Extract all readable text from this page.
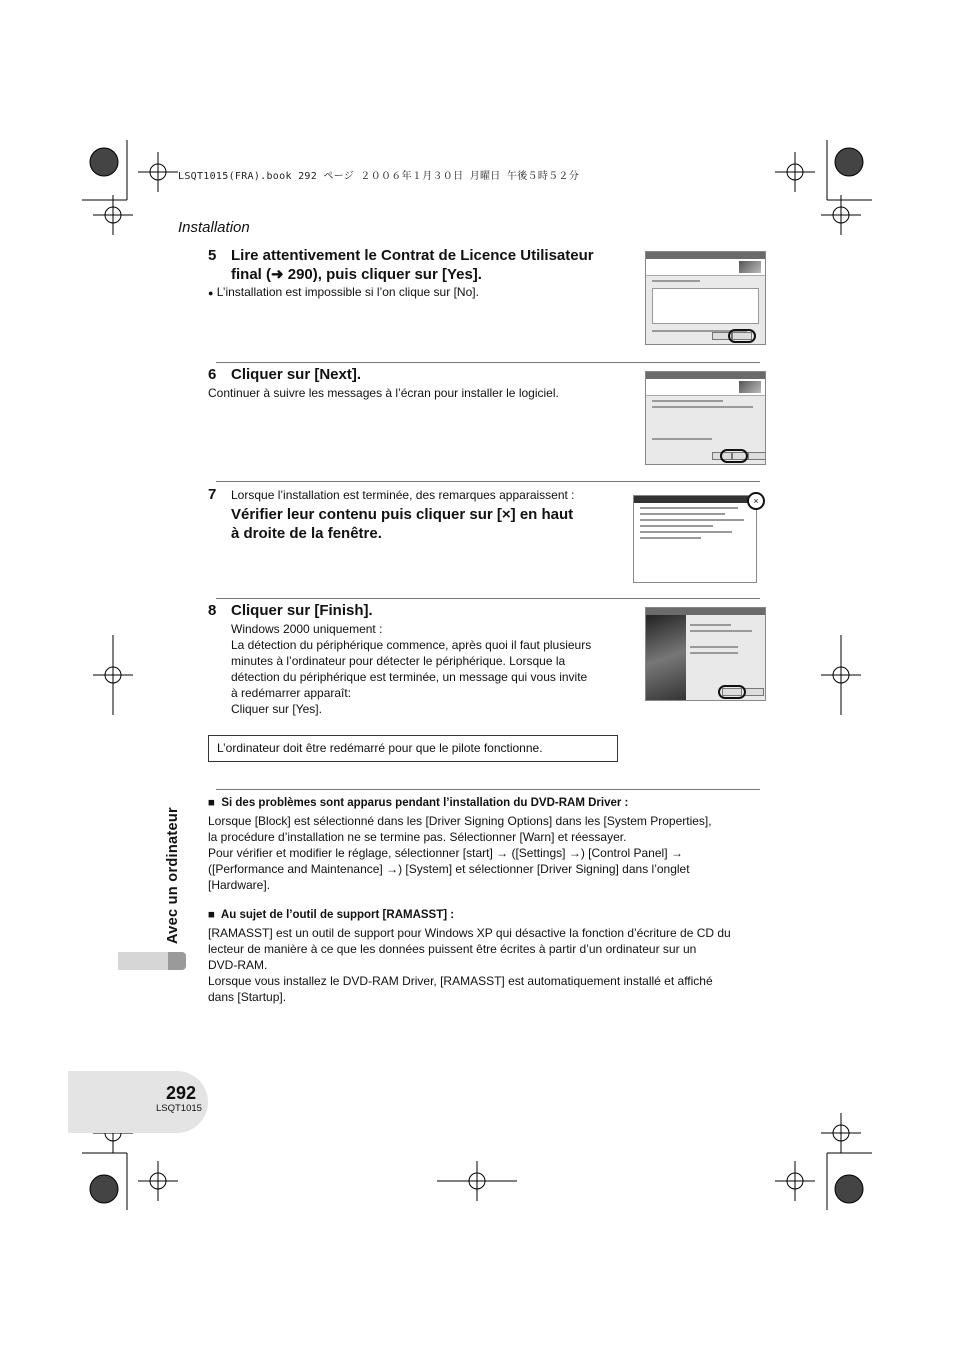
LSQT1015(FRA).book 292 ページ ２００６年１月３０日 月曜日 午後５時５２分
Installation
5 Lire attentivement le Contrat de Licence Utilisateur
final (➜ 290), puis cliquer sur [Yes].
● L’installation est impossible si l’on clique sur [No].
6 Cliquer sur [Next].
Continuer à suivre les messages à l’écran pour installer le logiciel.
7 Lorsque l’installation est terminée, des remarques apparaissent :
Vérifier leur contenu puis cliquer sur [×] en haut
à droite de la fenêtre.
×
8 Cliquer sur [Finish].
Windows 2000 uniquement :
La détection du périphérique commence, après quoi il faut plusieurs
minutes à l’ordinateur pour détecter le périphérique. Lorsque la
détection du périphérique est terminée, un message qui vous invite
à redémarrer apparaît:
Cliquer sur [Yes].
L’ordinateur doit être redémarré pour que le pilote fonctionne.
■ Si des problèmes sont apparus pendant l’installation du DVD-RAM Driver :
Lorsque [Block] est sélectionné dans les [Driver Signing Options] dans les [System Properties],
la procédure d’installation ne se termine pas. Sélectionner [Warn] et réessayer.
Pour vérifier et modifier le réglage, sélectionner [start] → ([Settings] →) [Control Panel] →
([Performance and Maintenance] →) [System] et sélectionner [Driver Signing] dans l’onglet
[Hardware].
■ Au sujet de l’outil de support [RAMASST] :
[RAMASST] est un outil de support pour Windows XP qui désactive la fonction d’écriture de CD du
lecteur de manière à ce que les données puissent être écrites à partir d’un ordinateur sur un
DVD-RAM.
Lorsque vous installez le DVD-RAM Driver, [RAMASST] est automatiquement installé et affiché
dans [Startup].
Avec un ordinateur
292
LSQT1015
